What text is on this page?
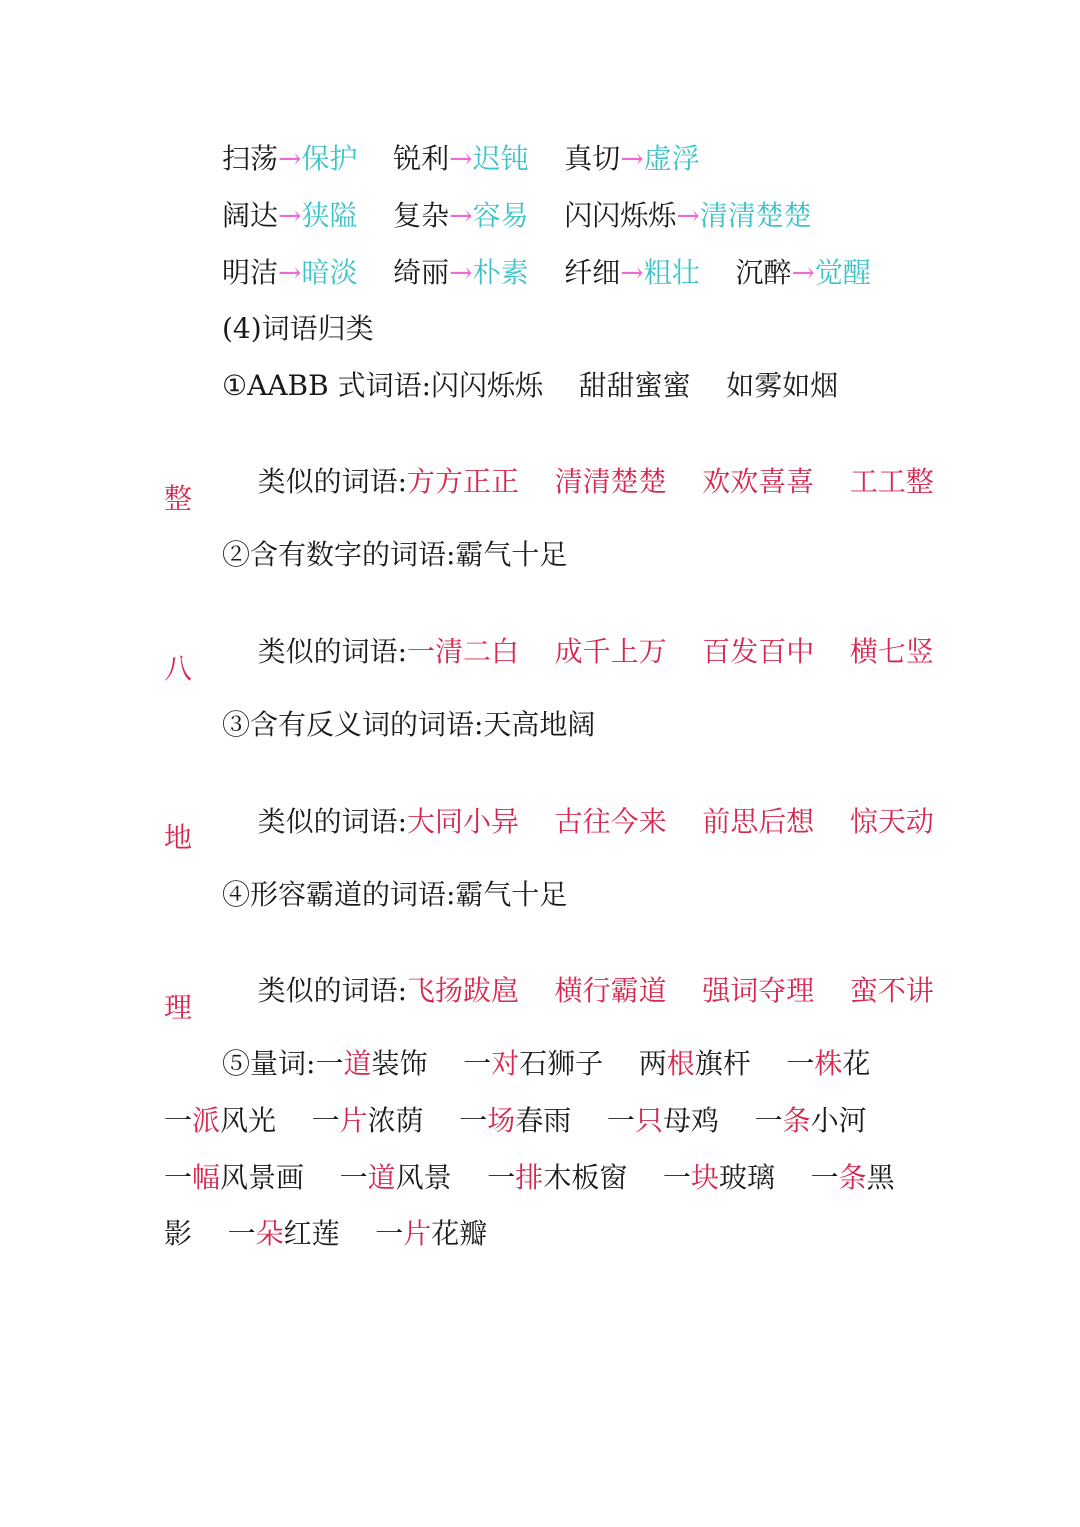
扫荡→保护 锐利→迟钝 真切→虚浮
阔达→狭隘 复杂→容易 闪闪烁烁→清清楚楚
明洁→暗淡 绮丽→朴素 纤细→粗壮 沉醉→觉醒
(4)词语归类
①AABB 式词语:闪闪烁烁    甜甜蜜蜜    如雾如烟

类似的词语:方方正正    清清楚楚    欢欢喜喜    工工整

整
②含有数字的词语:霸气十足

类似的词语:一清二白    成千上万    百发百中    横七竖

八
③含有反义词的词语:天高地阔

类似的词语:大同小异    古往今来    前思后想    惊天动

地
④形容霸道的词语:霸气十足

类似的词语:飞扬跋扈    横行霸道    强词夺理    蛮不讲

理
⑤量词:一道装饰    一对石狮子    两根旗杆    一株花
一派风光    一片浓荫    一场春雨    一只母鸡    一条小河
一幅风景画    一道风景    一排木板窗    一块玻璃    一条黑
影    一朵红莲    一片花瓣
